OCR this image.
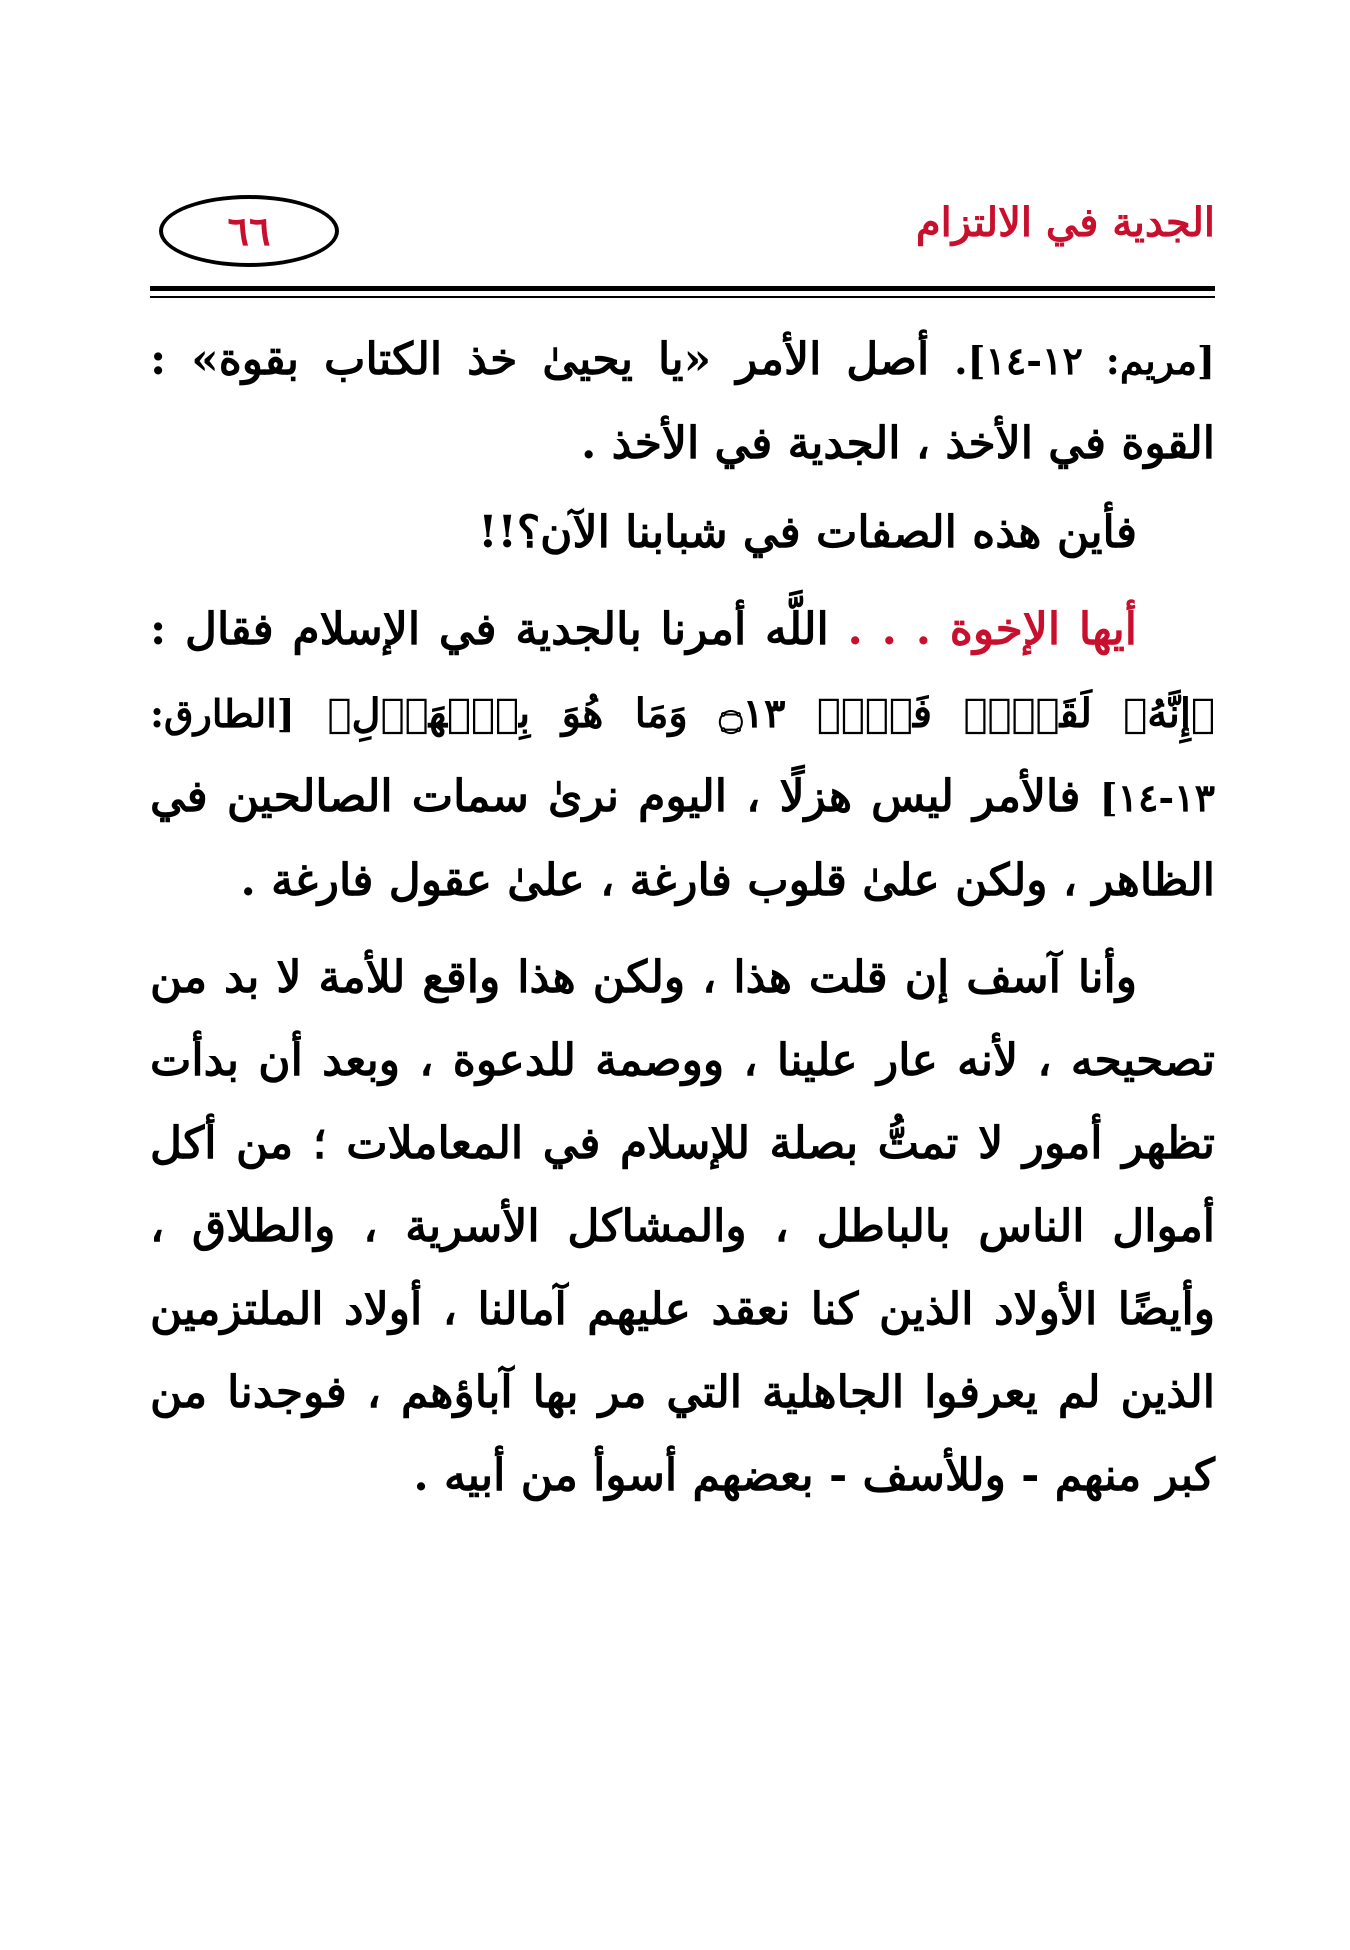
٦٦	الجدية في الالتزام

[مريم: ١٢-١٤]. أصل الأمر «يا يحيىٰ خذ الكتاب بقوة» : القوة في الأخذ ، الجدية في الأخذ .

فأين هذه الصفات في شبابنا الآن؟!!

أيها الإخوة . . . اللَّه أمرنا بالجدية في الإسلام فقال : ﴿إِنَّهُۥ لَقَوۡلٞ فَصۡلٞ ۝١٣ وَمَا هُوَ بِٱلۡهَزۡلِ﴾ [الطارق: ١٣-١٤] فالأمر ليس هزلًا ، اليوم نرىٰ سمات الصالحين في الظاهر ، ولكن علىٰ قلوب فارغة ، علىٰ عقول فارغة .

وأنا آسف إن قلت هذا ، ولكن هذا واقع للأمة لا بد من تصحيحه ، لأنه عار علينا ، ووصمة للدعوة ، وبعد أن بدأت تظهر أمور لا تمتُّ بصلة للإسلام في المعاملات ؛ من أكل أموال الناس بالباطل ، والمشاكل الأسرية ، والطلاق ، وأيضًا الأولاد الذين كنا نعقد عليهم آمالنا ، أولاد الملتزمين الذين لم يعرفوا الجاهلية التي مر بها آباؤهم ، فوجدنا من كبر منهم - وللأسف - بعضهم أسوأ من أبيه .
